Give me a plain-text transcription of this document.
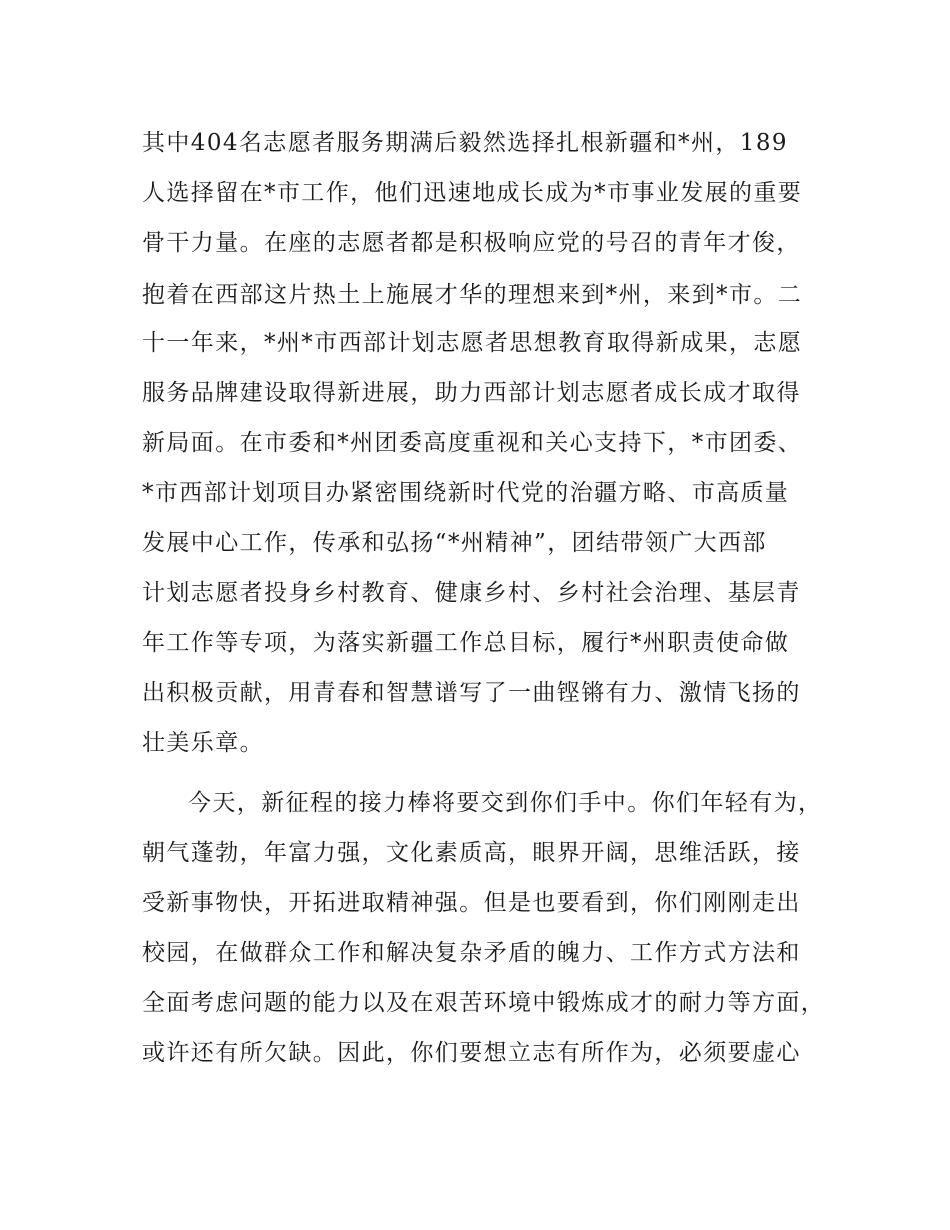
其中404名志愿者服务期满后毅然选择扎根新疆和*州，189
人选择留在*市工作，他们迅速地成长成为*市事业发展的重要
骨干力量。在座的志愿者都是积极响应党的号召的青年才俊，
抱着在西部这片热土上施展才华的理想来到*州，来到*市。二
十一年来，*州*市西部计划志愿者思想教育取得新成果，志愿
服务品牌建设取得新进展，助力西部计划志愿者成长成才取得
新局面。在市委和*州团委高度重视和关心支持下，*市团委、
*市西部计划项目办紧密围绕新时代党的治疆方略、市高质量
发展中心工作，传承和弘扬“*州精神”，团结带领广大西部
计划志愿者投身乡村教育、健康乡村、乡村社会治理、基层青
年工作等专项，为落实新疆工作总目标，履行*州职责使命做
出积极贡献，用青春和智慧谱写了一曲铿锵有力、激情飞扬的
壮美乐章。
今天，新征程的接力棒将要交到你们手中。你们年轻有为，
朝气蓬勃，年富力强，文化素质高，眼界开阔，思维活跃，接
受新事物快，开拓进取精神强。但是也要看到，你们刚刚走出
校园，在做群众工作和解决复杂矛盾的魄力、工作方式方法和
全面考虑问题的能力以及在艰苦环境中锻炼成才的耐力等方面，
或许还有所欠缺。因此，你们要想立志有所作为，必须要虚心
